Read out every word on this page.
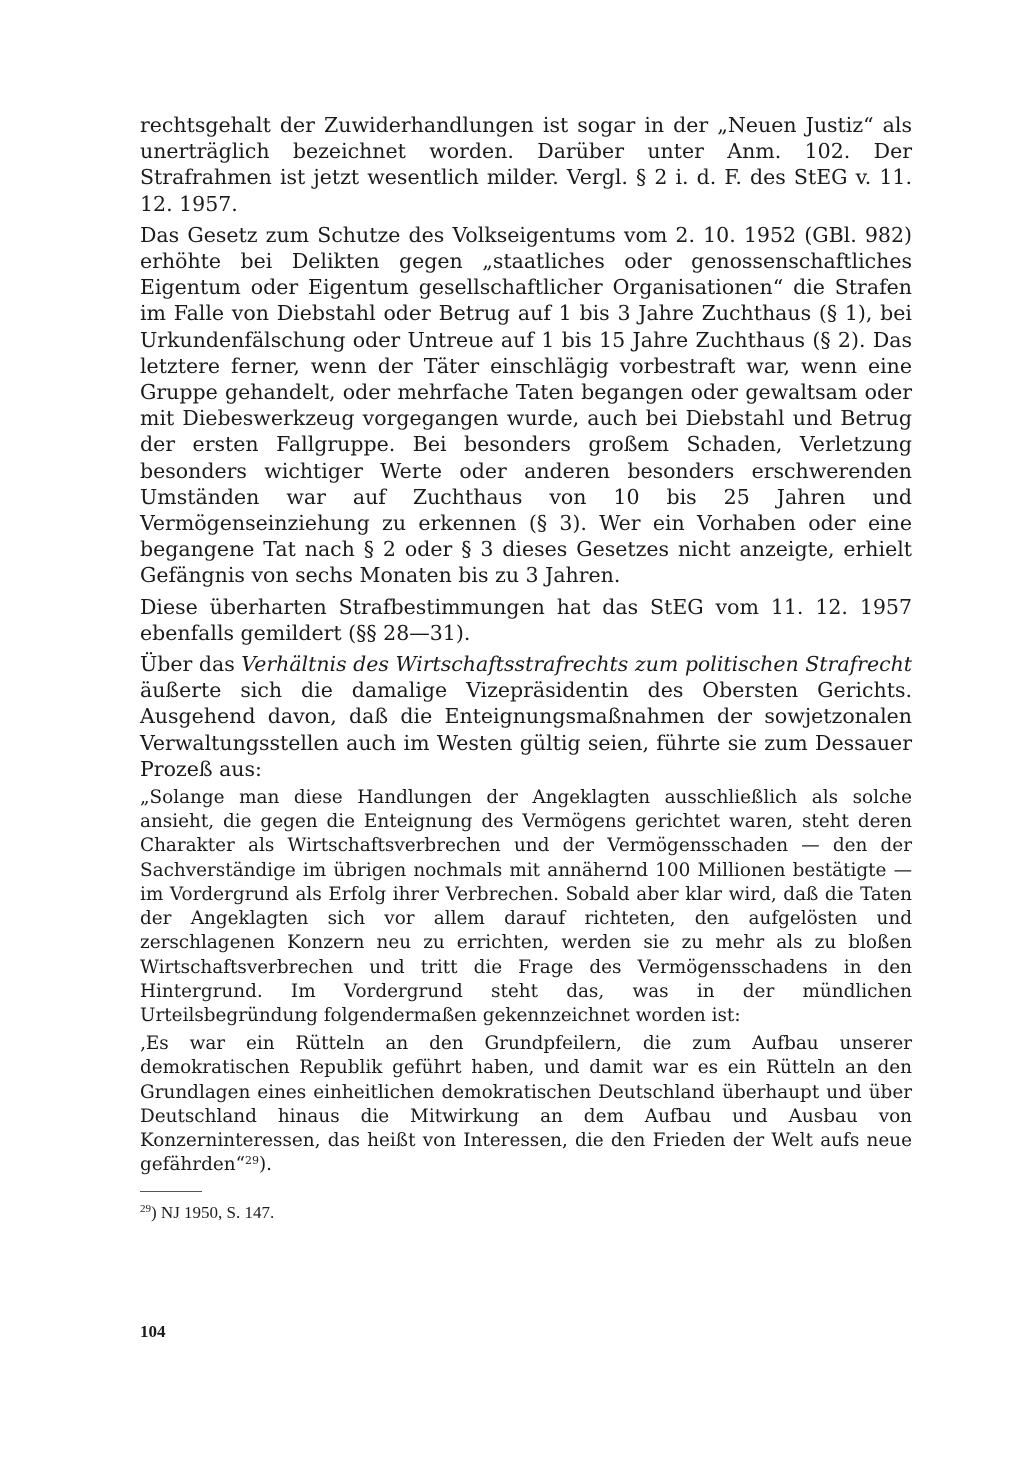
rechtsgehalt der Zuwiderhandlungen ist sogar in der „Neuen Justiz“ als unerträglich bezeichnet worden. Darüber unter Anm. 102. Der Strafrahmen ist jetzt wesentlich milder. Vergl. § 2 i. d. F. des StEG v. 11. 12. 1957.

Das Gesetz zum Schutze des Volkseigentums vom 2. 10. 1952 (GBl. 982) erhöhte bei Delikten gegen „staatliches oder genossenschaftliches Eigentum oder Eigentum gesellschaftlicher Organisationen“ die Strafen im Falle von Diebstahl oder Betrug auf 1 bis 3 Jahre Zuchthaus (§ 1), bei Urkundenfälschung oder Untreue auf 1 bis 15 Jahre Zuchthaus (§ 2). Das letztere ferner, wenn der Täter einschlägig vorbestraft war, wenn eine Gruppe gehandelt, oder mehrfache Taten begangen oder gewaltsam oder mit Diebeswerkzeug vorgegangen wurde, auch bei Diebstahl und Betrug der ersten Fallgruppe. Bei besonders großem Schaden, Verletzung besonders wichtiger Werte oder anderen besonders erschwerenden Umständen war auf Zuchthaus von 10 bis 25 Jahren und Vermögenseinziehung zu erkennen (§ 3). Wer ein Vorhaben oder eine begangene Tat nach § 2 oder § 3 dieses Gesetzes nicht anzeigte, erhielt Gefängnis von sechs Monaten bis zu 3 Jahren.

Diese überharten Strafbestimmungen hat das StEG vom 11. 12. 1957 ebenfalls gemildert (§§ 28—31).

Über das Verhältnis des Wirtschaftsstrafrechts zum politischen Strafrecht äußerte sich die damalige Vizepräsidentin des Obersten Gerichts. Ausgehend davon, daß die Enteignungsmaßnahmen der sowjetzonalen Verwaltungsstellen auch im Westen gültig seien, führte sie zum Dessauer Prozeß aus:

„Solange man diese Handlungen der Angeklagten ausschließlich als solche ansieht, die gegen die Enteignung des Vermögens gerichtet waren, steht deren Charakter als Wirtschaftsverbrechen und der Vermögensschaden — den der Sachverständige im übrigen nochmals mit annähernd 100 Millionen bestätigte — im Vordergrund als Erfolg ihrer Verbrechen. Sobald aber klar wird, daß die Taten der Angeklagten sich vor allem darauf richteten, den aufgelösten und zerschlagenen Konzern neu zu errichten, werden sie zu mehr als zu bloßen Wirtschaftsverbrechen und tritt die Frage des Vermögensschadens in den Hintergrund. Im Vordergrund steht das, was in der mündlichen Urteilsbegründung folgendermaßen gekennzeichnet worden ist:

‚Es war ein Rütteln an den Grundpfeilern, die zum Aufbau unserer demokratischen Republik geführt haben, und damit war es ein Rütteln an den Grundlagen eines einheitlichen demokratischen Deutschland überhaupt und über Deutschland hinaus die Mitwirkung an dem Aufbau und Ausbau von Konzerninteressen, das heißt von Interessen, die den Frieden der Welt aufs neue gefährden“$^{29}$).

$^{29}$) NJ 1950, S. 147.

104
